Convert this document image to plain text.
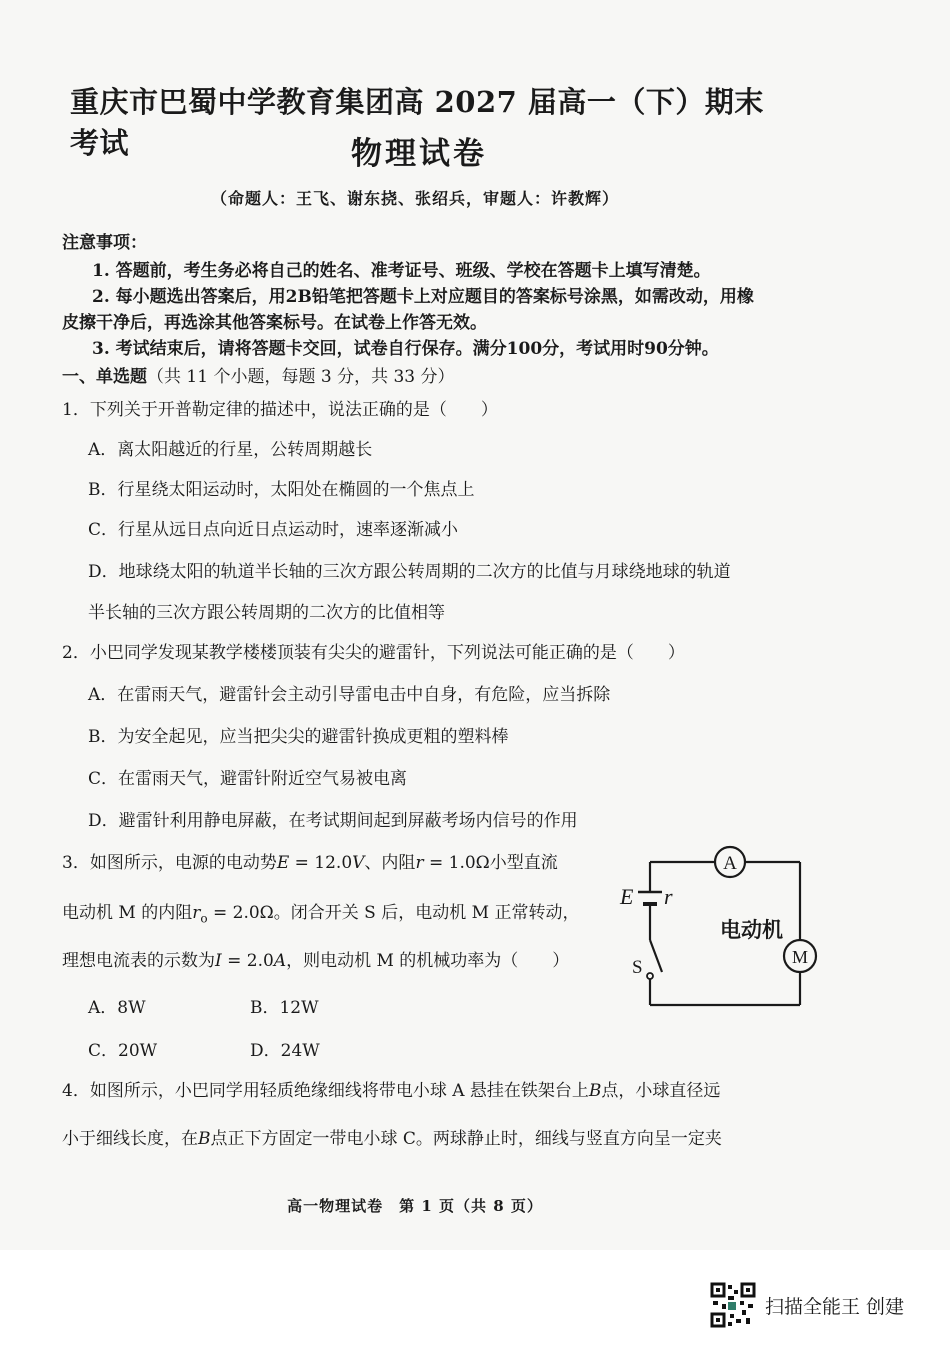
重庆市巴蜀中学教育集团高 2027 届高一（下）期末考试	物理试卷
（命题人：王飞、谢东挠、张绍兵，审题人：许教辉）
注意事项：
1. 答题前，考生务必将自己的姓名、准考证号、班级、学校在答题卡上填写清楚。
2. 每小题选出答案后，用2B铅笔把答题卡上对应题目的答案标号涂黑，如需改动，用橡
皮擦干净后，再选涂其他答案标号。在试卷上作答无效。
3. 考试结束后，请将答题卡交回，试卷自行保存。满分100分，考试用时90分钟。
一、单选题（共 11 个小题，每题 3 分，共 33 分）
1．下列关于开普勒定律的描述中，说法正确的是（　　）
A．离太阳越近的行星，公转周期越长
B．行星绕太阳运动时，太阳处在椭圆的一个焦点上
C．行星从远日点向近日点运动时，速率逐渐减小
D．地球绕太阳的轨道半长轴的三次方跟公转周期的二次方的比值与月球绕地球的轨道
半长轴的三次方跟公转周期的二次方的比值相等
2．小巴同学发现某教学楼楼顶装有尖尖的避雷针，下列说法可能正确的是（　　）
A．在雷雨天气，避雷针会主动引导雷电击中自身，有危险，应当拆除
B．为安全起见，应当把尖尖的避雷针换成更粗的塑料棒
C．在雷雨天气，避雷针附近空气易被电离
D．避雷针利用静电屏蔽，在考试期间起到屏蔽考场内信号的作用
3．如图所示，电源的电动势E = 12.0V、内阻r = 1.0Ω小型直流
电动机 M 的内阻$r_o = 2.0\Omega$。闭合开关 S 后，电动机 M 正常转动，
理想电流表的示数为I = 2.0A，则电动机 M 的机械功率为（　　）
A．8W	B．12W
C．20W	D．24W
A
M
E r
电动机
S
4．如图所示，小巴同学用轻质绝缘细线将带电小球 A 悬挂在铁架台上B点，小球直径远
小于细线长度，在B点正下方固定一带电小球 C。两球静止时，细线与竖直方向呈一定夹
高一物理试卷　第 1 页（共 8 页）
扫描全能王 创建
